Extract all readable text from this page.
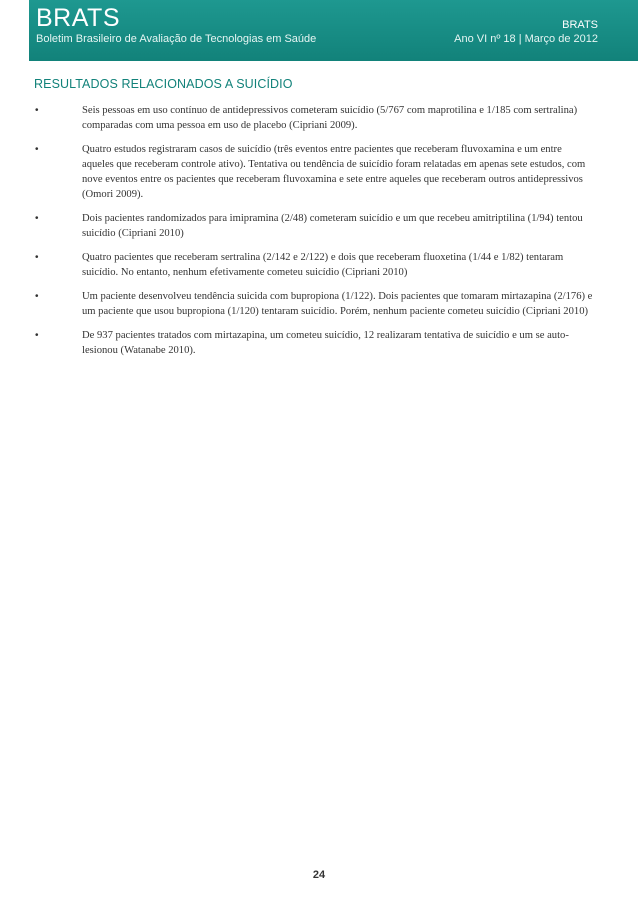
BRATS
Boletim Brasileiro de Avaliação de Tecnologias em Saúde
BRATS
Ano VI nº 18 | Março de 2012
RESULTADOS RELACIONADOS A SUICÍDIO
•	Seis pessoas em uso contínuo de antidepressivos cometeram suicídio (5/767 com maprotilina e 1/185 com sertralina) comparadas com uma pessoa em uso de placebo (Cipriani 2009).
•	Quatro estudos registraram casos de suicídio (três eventos entre pacientes que receberam fluvoxamina e um entre aqueles que receberam controle ativo). Tentativa ou tendência de suicídio foram relatadas em apenas sete estudos, com nove eventos entre os pacientes que receberam fluvoxamina e sete entre aqueles que receberam outros antidepressivos (Omori 2009).
•	Dois pacientes randomizados para imipramina (2/48) cometeram suicídio e um que recebeu amitriptilina (1/94) tentou suicídio (Cipriani 2010)
•	Quatro pacientes que receberam sertralina (2/142 e 2/122) e dois que receberam fluoxetina (1/44 e 1/82) tentaram suicídio. No entanto, nenhum efetivamente cometeu suicídio (Cipriani 2010)
•	Um paciente desenvolveu tendência suicida com bupropiona (1/122). Dois pacientes que tomaram mirtazapina (2/176) e um paciente que usou bupropiona (1/120) tentaram suicídio. Porém, nenhum paciente cometeu suicídio (Cipriani 2010)
•	De 937 pacientes tratados com mirtazapina, um cometeu suicídio, 12 realizaram tentativa de suicídio e um se auto-lesionou (Watanabe 2010).
24
